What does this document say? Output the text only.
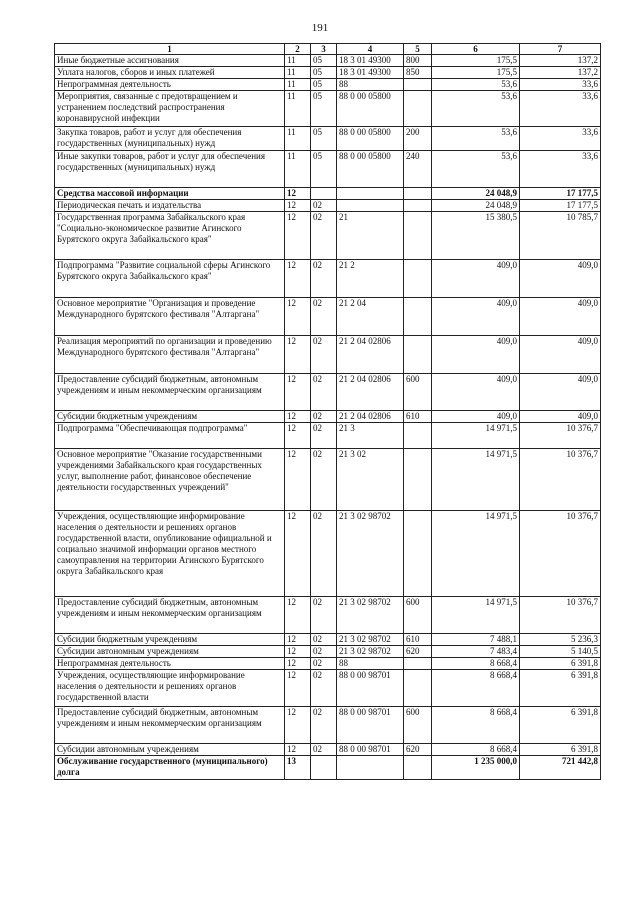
191
1	2	3	4	5	6	7
Иные бюджетные ассигнования	11	05	18 3 01 49300	800	175,5	137,2
Уплата налогов, сборов и иных платежей	11	05	18 3 01 49300	850	175,5	137,2
Непрограммная деятельность	11	05	88		53,6	33,6
Мероприятия, связанные с предотвращением и устранением последствий распространения коронавирусной инфекции	11	05	88 0 00 05800		53,6	33,6
Закупка товаров, работ и услуг для обеспечения государственных (муниципальных) нужд	11	05	88 0 00 05800	200	53,6	33,6
Иные закупки товаров, работ и услуг для обеспечения государственных (муниципальных) нужд	11	05	88 0 00 05800	240	53,6	33,6
Средства массовой информации	12				24 048,9	17 177,5
Периодическая печать и издательства	12	02			24 048,9	17 177,5
Государственная программа Забайкальского края "Социально-экономическое развитие Агинского Бурятского округа Забайкальского края"	12	02	21		15 380,5	10 785,7
Подпрограмма "Развитие социальной сферы Агинского Бурятского округа Забайкальского края"	12	02	21 2		409,0	409,0
Основное мероприятие "Организация и проведение Международного бурятского фестиваля "Алтаргана"	12	02	21 2 04		409,0	409,0
Реализация мероприятий по организации и проведению Международного бурятского фестиваля "Алтаргана"	12	02	21 2 04 02806		409,0	409,0
Предоставление субсидий бюджетным, автономным учреждениям и иным некоммерческим организациям	12	02	21 2 04 02806	600	409,0	409,0
Субсидии бюджетным учреждениям	12	02	21 2 04 02806	610	409,0	409,0
Подпрограмма "Обеспечивающая подпрограмма"	12	02	21 3		14 971,5	10 376,7
Основное мероприятие "Оказание государственными учреждениями Забайкальского края государственных услуг, выполнение работ, финансовое обеспечение деятельности государственных учреждений"	12	02	21 3 02		14 971,5	10 376,7
Учреждения, осуществляющие информирование населения о деятельности и решениях органов государственной власти, опубликование официальной и социально значимой информации органов местного самоуправления на территории Агинского Бурятского округа Забайкальского края	12	02	21 3 02 98702		14 971,5	10 376,7
Предоставление субсидий бюджетным, автономным учреждениям и иным некоммерческим организациям	12	02	21 3 02 98702	600	14 971,5	10 376,7
Субсидии бюджетным учреждениям	12	02	21 3 02 98702	610	7 488,1	5 236,3
Субсидии автономным учреждениям	12	02	21 3 02 98702	620	7 483,4	5 140,5
Непрограммная деятельность	12	02	88		8 668,4	6 391,8
Учреждения, осуществляющие информирование населения о деятельности и решениях органов государственной власти	12	02	88 0 00 98701		8 668,4	6 391,8
Предоставление субсидий бюджетным, автономным учреждениям и иным некоммерческим организациям	12	02	88 0 00 98701	600	8 668,4	6 391,8
Субсидии автономным учреждениям	12	02	88 0 00 98701	620	8 668,4	6 391,8
Обслуживание государственного (муниципального) долга	13				1 235 000,0	721 442,8
